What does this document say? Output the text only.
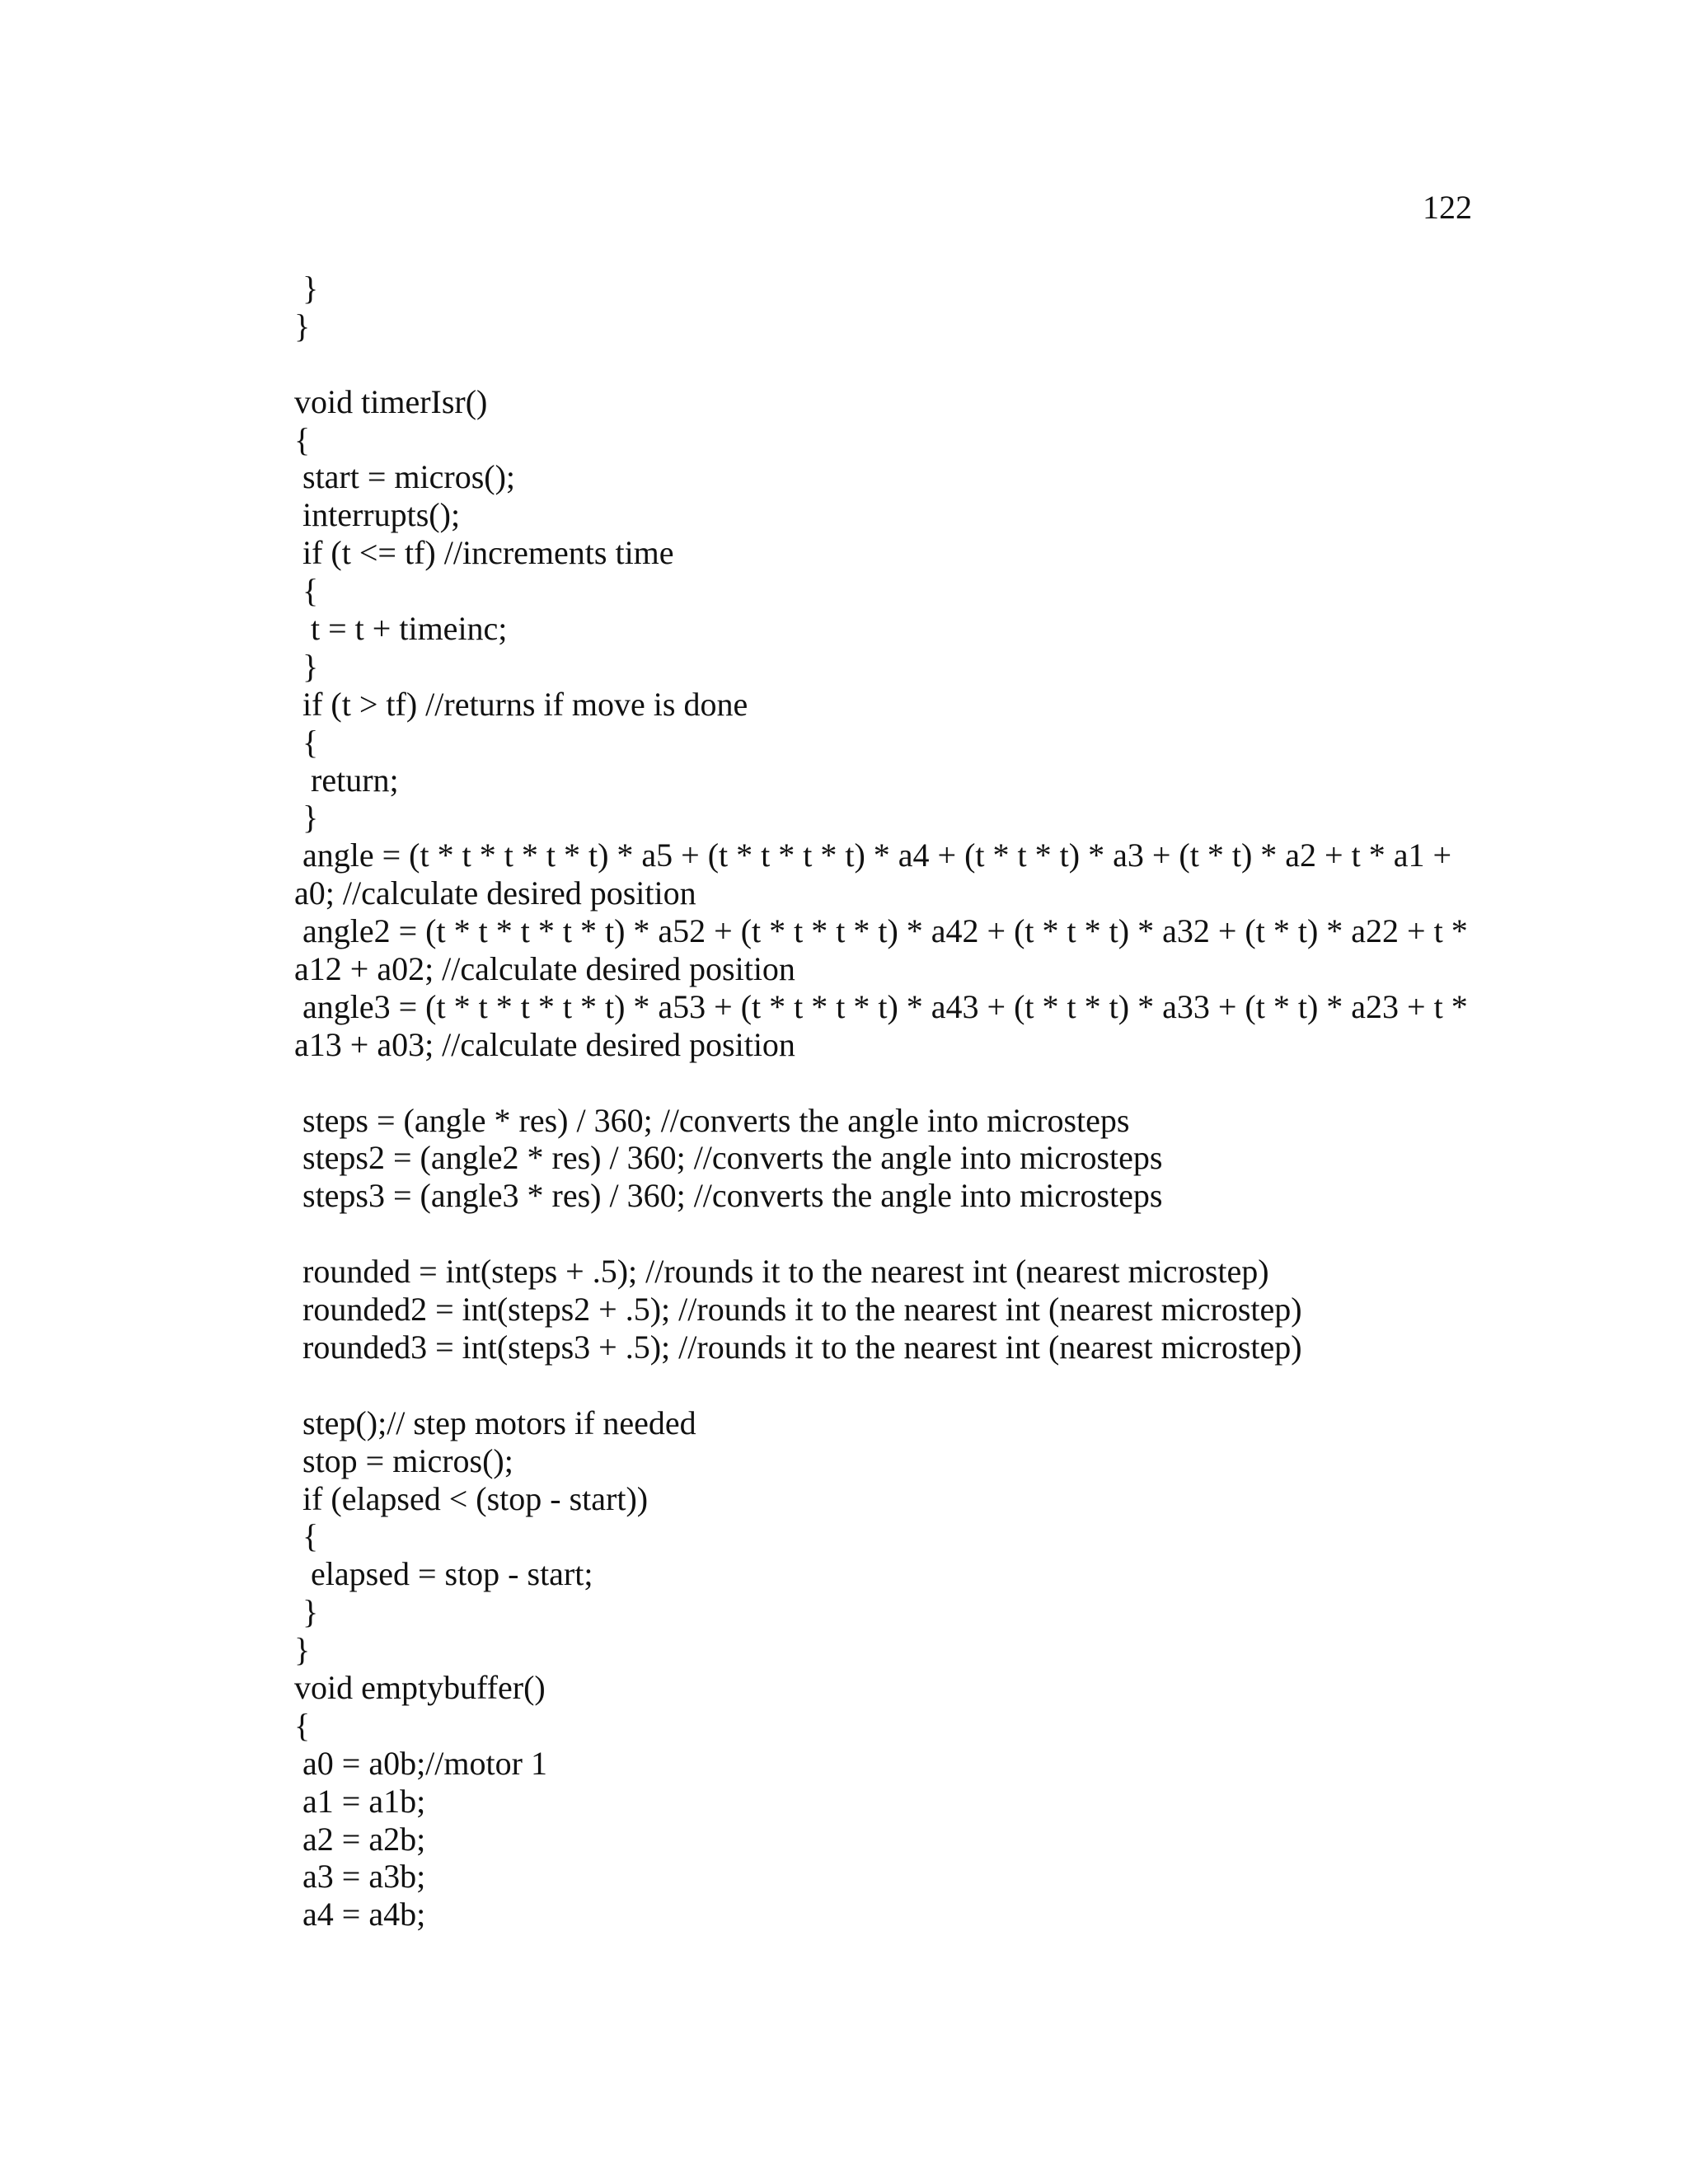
122
}
}
void timerIsr()
{
start = micros();
interrupts();
if (t <= tf) //increments time
{
t = t + timeinc;
}
if (t > tf) //returns if move is done
{
return;
}
angle = (t * t * t * t * t) * a5 + (t * t * t * t) * a4 + (t * t * t) * a3 + (t * t) * a2 + t * a1 +
a0; //calculate desired position
angle2 = (t * t * t * t * t) * a52 + (t * t * t * t) * a42 + (t * t * t) * a32 + (t * t) * a22 + t *
a12 + a02; //calculate desired position
angle3 = (t * t * t * t * t) * a53 + (t * t * t * t) * a43 + (t * t * t) * a33 + (t * t) * a23 + t *
a13 + a03; //calculate desired position
steps = (angle * res) / 360; //converts the angle into microsteps
steps2 = (angle2 * res) / 360; //converts the angle into microsteps
steps3 = (angle3 * res) / 360; //converts the angle into microsteps
rounded = int(steps + .5); //rounds it to the nearest int (nearest microstep)
rounded2 = int(steps2 + .5); //rounds it to the nearest int (nearest microstep)
rounded3 = int(steps3 + .5); //rounds it to the nearest int (nearest microstep)
step();// step motors if needed
stop = micros();
if (elapsed < (stop - start))
{
elapsed = stop - start;
}
}
void emptybuffer()
{
a0 = a0b;//motor 1
a1 = a1b;
a2 = a2b;
a3 = a3b;
a4 = a4b;
